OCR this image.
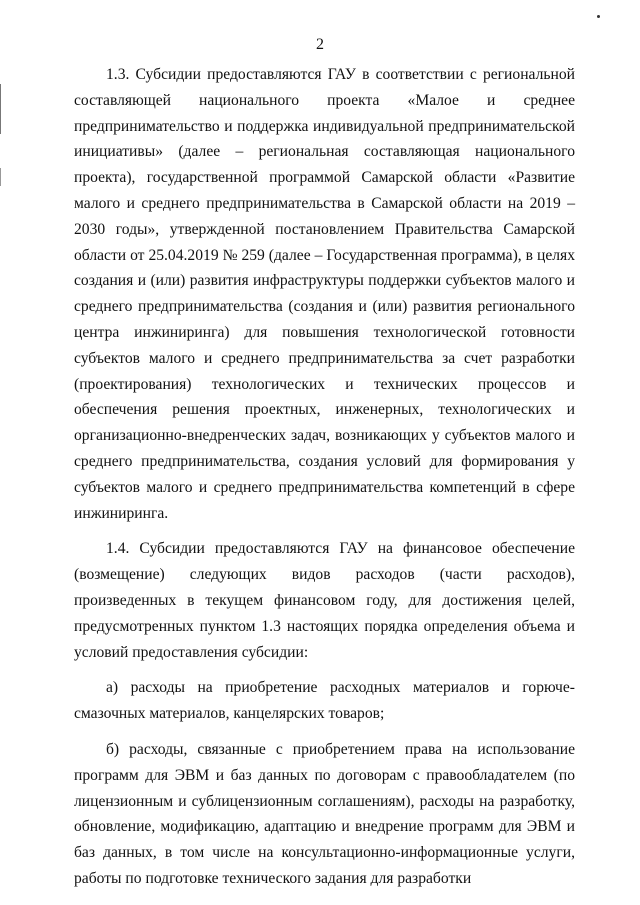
2

1.3. Субсидии предоставляются ГАУ в соответствии с региональной составляющей национального проекта «Малое и среднее предпринимательство и поддержка индивидуальной предпринимательской инициативы» (далее – региональная составляющая национального проекта), государственной программой Самарской области «Развитие малого и среднего предпринимательства в Самарской области на 2019 – 2030 годы», утвержденной постановлением Правительства Самарской области от 25.04.2019 № 259 (далее – Государственная программа), в целях создания и (или) развития инфраструктуры поддержки субъектов малого и среднего предпринимательства (создания и (или) развития регионального центра инжиниринга) для повышения технологической готовности субъектов малого и среднего предпринимательства за счет разработки (проектирования) технологических и технических процессов и обеспечения решения проектных, инженерных, технологических и организационно-внедренческих задач, возникающих у субъектов малого и среднего предпринимательства, создания условий для формирования у субъектов малого и среднего предпринимательства компетенций в сфере инжиниринга.

1.4. Субсидии предоставляются ГАУ на финансовое обеспечение (возмещение) следующих видов расходов (части расходов), произведенных в текущем финансовом году, для достижения целей, предусмотренных пунктом 1.3 настоящих порядка определения объема и условий предоставления субсидии:

а) расходы на приобретение расходных материалов и горюче-смазочных материалов, канцелярских товаров;

б) расходы, связанные с приобретением права на использование программ для ЭВМ и баз данных по договорам с правообладателем (по лицензионным и сублицензионным соглашениям), расходы на разработку, обновление, модификацию, адаптацию и внедрение программ для ЭВМ и баз данных, в том числе на консультационно-информационные услуги, работы по подготовке технического задания для разработки
